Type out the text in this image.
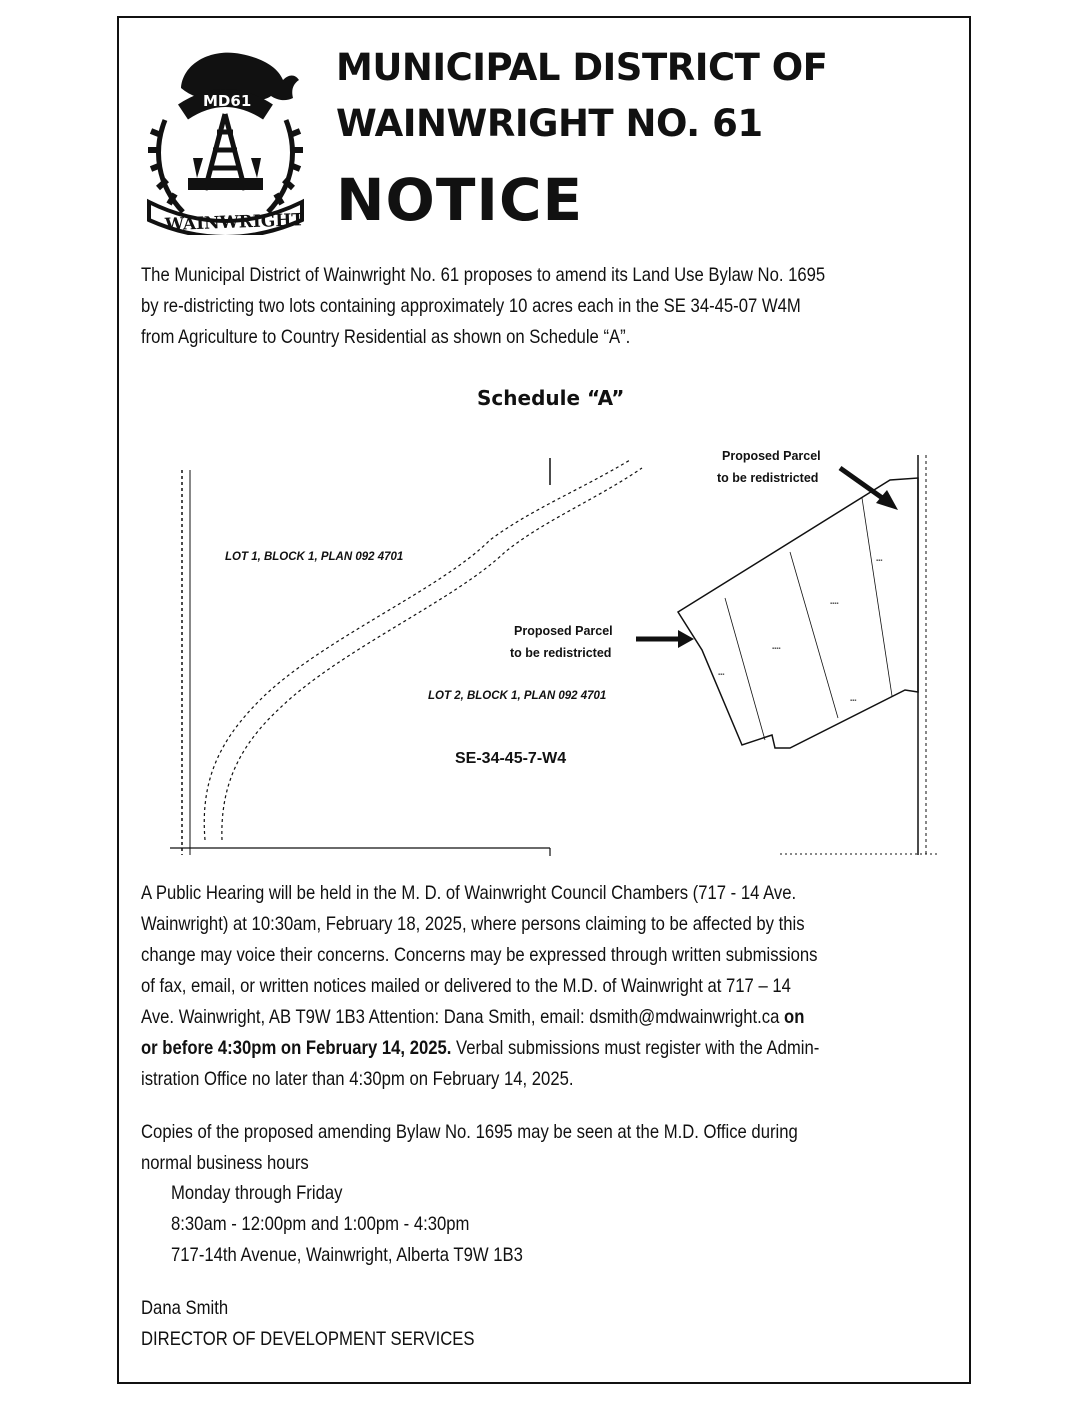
MD61
WAINWRIGHT
MUNICIPAL DISTRICT OF
WAINWRIGHT NO. 61
NOTICE

The Municipal District of Wainwright No. 61 proposes to amend its Land Use Bylaw No. 1695
by re-districting two lots containing approximately 10 acres each in the SE 34-45-07 W4M
from Agriculture to Country Residential as shown on Schedule “A”.

Schedule “A”
▪▪▪
▪▪▪▪
▪▪▪▪
▪▪▪
▪▪▪
LOT 1, BLOCK 1, PLAN 092 4701
LOT 2, BLOCK 1, PLAN 092 4701
SE-34-45-7-W4
Proposed Parcel
to be redistricted
Proposed Parcel
to be redistricted

A Public Hearing will be held in the M. D. of Wainwright Council Chambers (717 - 14 Ave.
Wainwright) at 10:30am, February 18, 2025, where persons claiming to be affected by this
change may voice their concerns. Concerns may be expressed through written submissions
of fax, email, or written notices mailed or delivered to the M.D. of Wainwright at 717 – 14
Ave. Wainwright, AB T9W 1B3 Attention: Dana Smith, email: dsmith@mdwainwright.ca on
or before 4:30pm on February 14, 2025. Verbal submissions must register with the Admin-
istration Office no later than 4:30pm on February 14, 2025.

Copies of the proposed amending Bylaw No. 1695 may be seen at the M.D. Office during
normal business hours

Monday through Friday
8:30am - 12:00pm and 1:00pm - 4:30pm
717-14th Avenue, Wainwright, Alberta T9W 1B3

Dana Smith
DIRECTOR OF DEVELOPMENT SERVICES
